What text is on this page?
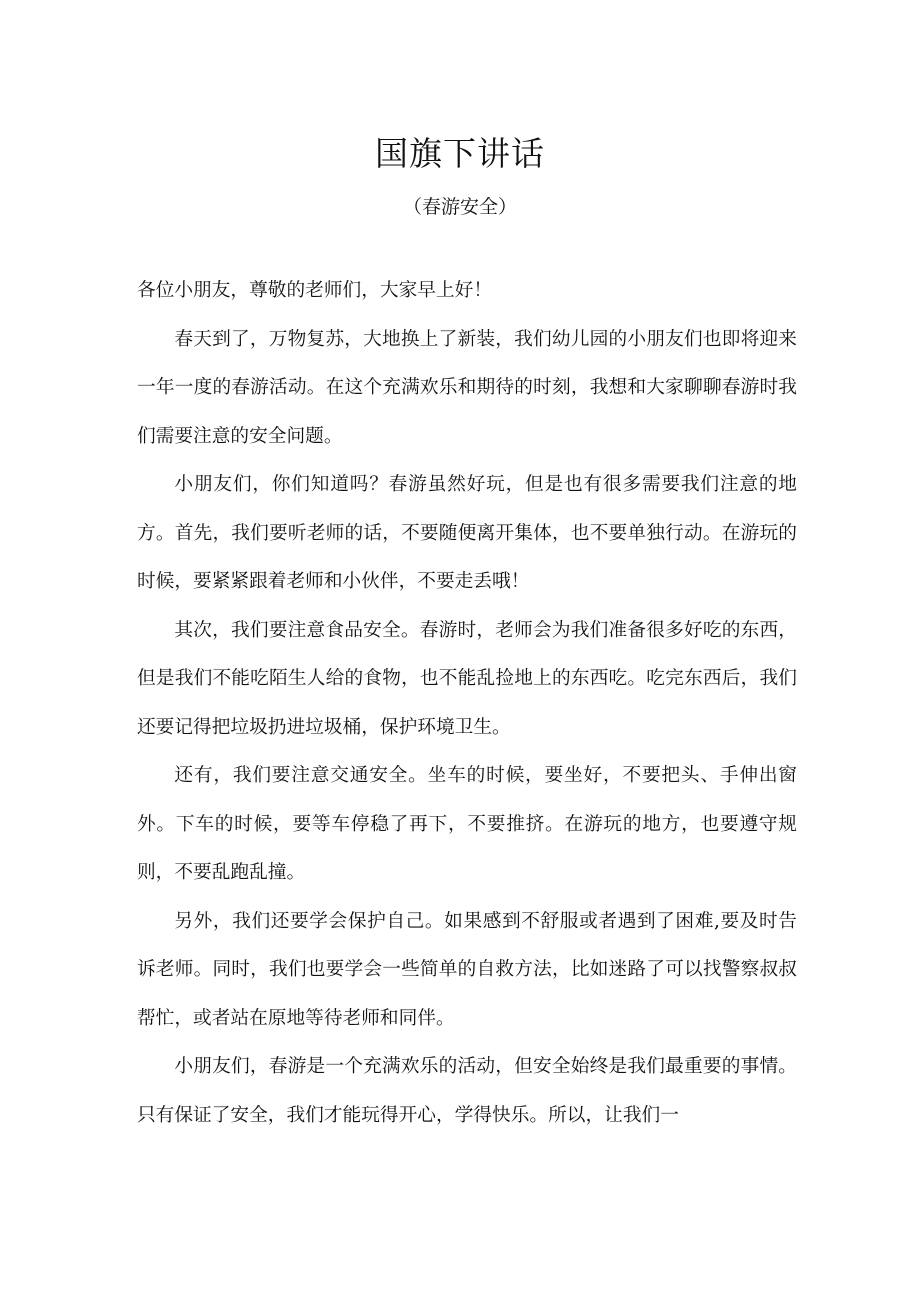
国旗下讲话
（春游安全）

各位小朋友，尊敬的老师们，大家早上好！

春天到了，万物复苏，大地换上了新装，我们幼儿园的小朋友们也即将迎来一年一度的春游活动。在这个充满欢乐和期待的时刻，我想和大家聊聊春游时我们需要注意的安全问题。

小朋友们，你们知道吗？春游虽然好玩，但是也有很多需要我们注意的地方。首先，我们要听老师的话，不要随便离开集体，也不要单独行动。在游玩的时候，要紧紧跟着老师和小伙伴，不要走丢哦！

其次，我们要注意食品安全。春游时，老师会为我们准备很多好吃的东西，但是我们不能吃陌生人给的食物，也不能乱捡地上的东西吃。吃完东西后，我们还要记得把垃圾扔进垃圾桶，保护环境卫生。

还有，我们要注意交通安全。坐车的时候，要坐好，不要把头、手伸出窗外。下车的时候，要等车停稳了再下，不要推挤。在游玩的地方，也要遵守规则，不要乱跑乱撞。

另外，我们还要学会保护自己。如果感到不舒服或者遇到了困难,要及时告诉老师。同时，我们也要学会一些简单的自救方法，比如迷路了可以找警察叔叔帮忙，或者站在原地等待老师和同伴。

小朋友们，春游是一个充满欢乐的活动，但安全始终是我们最重要的事情。只有保证了安全，我们才能玩得开心，学得快乐。所以，让我们一
